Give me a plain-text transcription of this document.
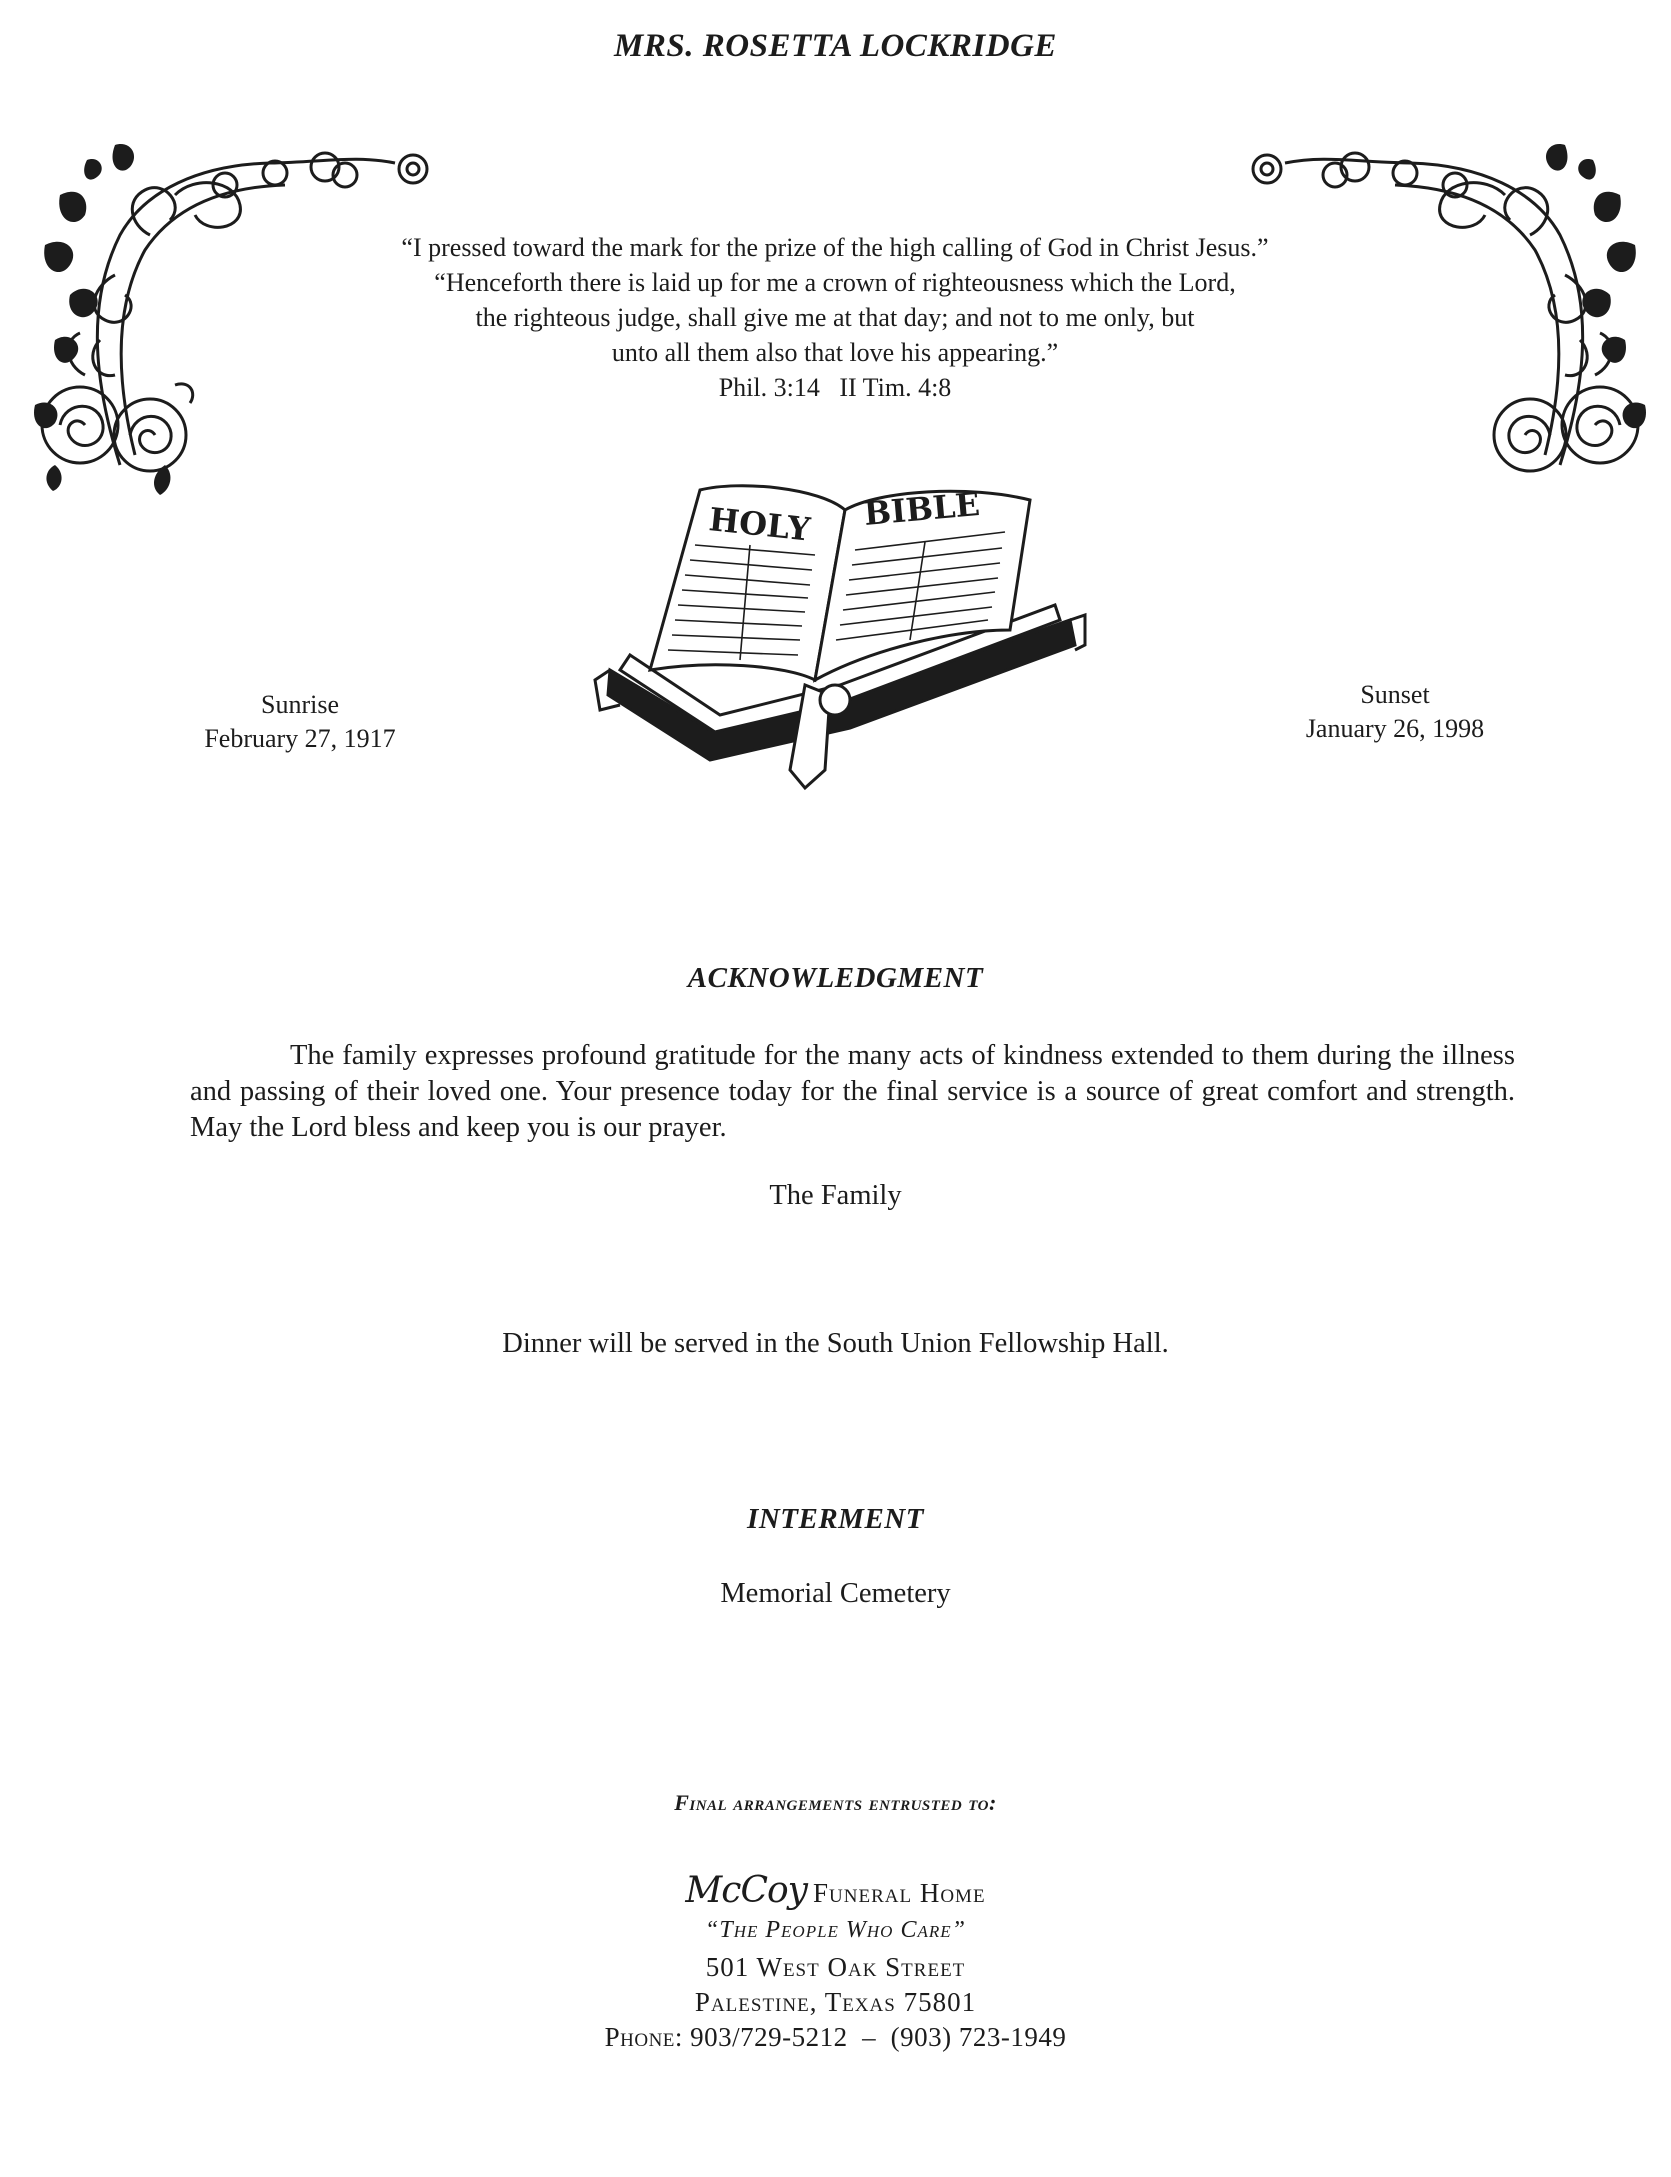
MRS. ROSETTA LOCKRIDGE
“I pressed toward the mark for the prize of the high calling of God in Christ Jesus.”
“Henceforth there is laid up for me a crown of righteousness which the Lord,
the righteous judge, shall give me at that day; and not to me only, but
unto all them also that love his appearing.”
Phil. 3:14   II Tim. 4:8
HOLY BIBLE
Sunrise
February 27, 1917
Sunset
January 26, 1998
ACKNOWLEDGMENT

The family expresses profound gratitude for the many acts of kindness extended to them during the illness and passing of their loved one. Your presence today for the final service is a source of great comfort and strength. May the Lord bless and keep you is our prayer.

The Family
Dinner will be served in the South Union Fellowship Hall.
INTERMENT
Memorial Cemetery
Final arrangements entrusted to:
McCoy Funeral Home
“The People Who Care”
501 West Oak Street
Palestine, Texas 75801
Phone: 903/729-5212  –  (903) 723-1949
